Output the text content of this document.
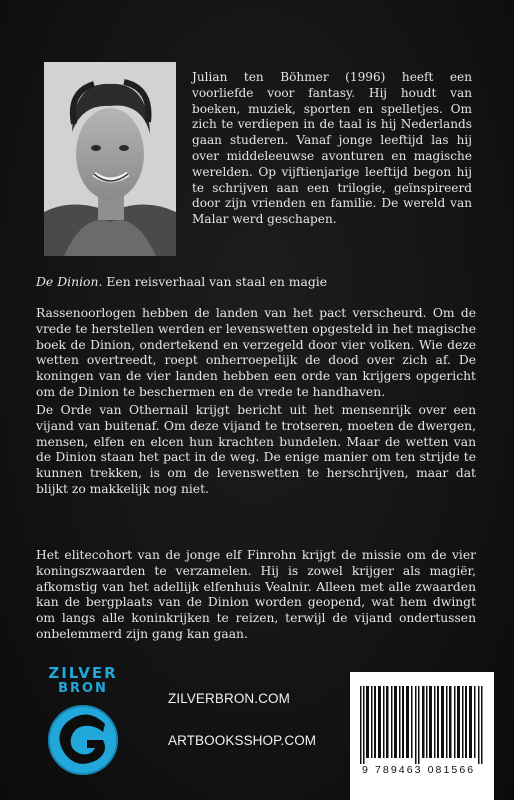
Julian ten Böhmer (1996) heeft een voorliefde voor fantasy. Hij houdt van boeken, muziek, sporten en spelletjes. Om zich te verdiepen in de taal is hij Nederlands gaan studeren. Vanaf jonge leeftijd las hij over middeleeuwse avonturen en magische werelden. Op vijftienjarige leeftijd begon hij te schrijven aan een trilogie, geïnspireerd door zijn vrienden en familie. De wereld van Malar werd geschapen.
De Dinion. Een reisverhaal van staal en magie

Rassenoorlogen hebben de landen van het pact verscheurd. Om de vrede te herstellen werden er levenswetten opgesteld in het magische boek de Dinion, ondertekend en verzegeld door vier volken. Wie deze wetten overtreedt, roept onherroepelijk de dood over zich af. De koningen van de vier landen hebben een orde van krijgers opgericht om de Dinion te beschermen en de vrede te handhaven.

De Orde van Othernail krijgt bericht uit het mensenrijk over een vijand van buitenaf. Om deze vijand te trotseren, moeten de dwergen, mensen, elfen en elcen hun krachten bundelen. Maar de wetten van de Dinion staan het pact in de weg. De enige manier om ten strijde te kunnen trekken, is om de levenswetten te herschrijven, maar dat blijkt zo makkelijk nog niet.

Het elitecohort van de jonge elf Finrohn krijgt de missie om de vier koningszwaarden te verzamelen. Hij is zowel krijger als magiër, afkomstig van het adellijk elfenhuis Vealnir. Alleen met alle zwaarden kan de bergplaats van de Dinion worden geopend, wat hem dwingt om langs alle koninkrijken te reizen, terwijl de vijand ondertussen onbelemmerd zijn gang kan gaan.

ZILVER
BRON
ZILVERBRON.COM
ARTBOOKSSHOP.COM
9 789463 081566
